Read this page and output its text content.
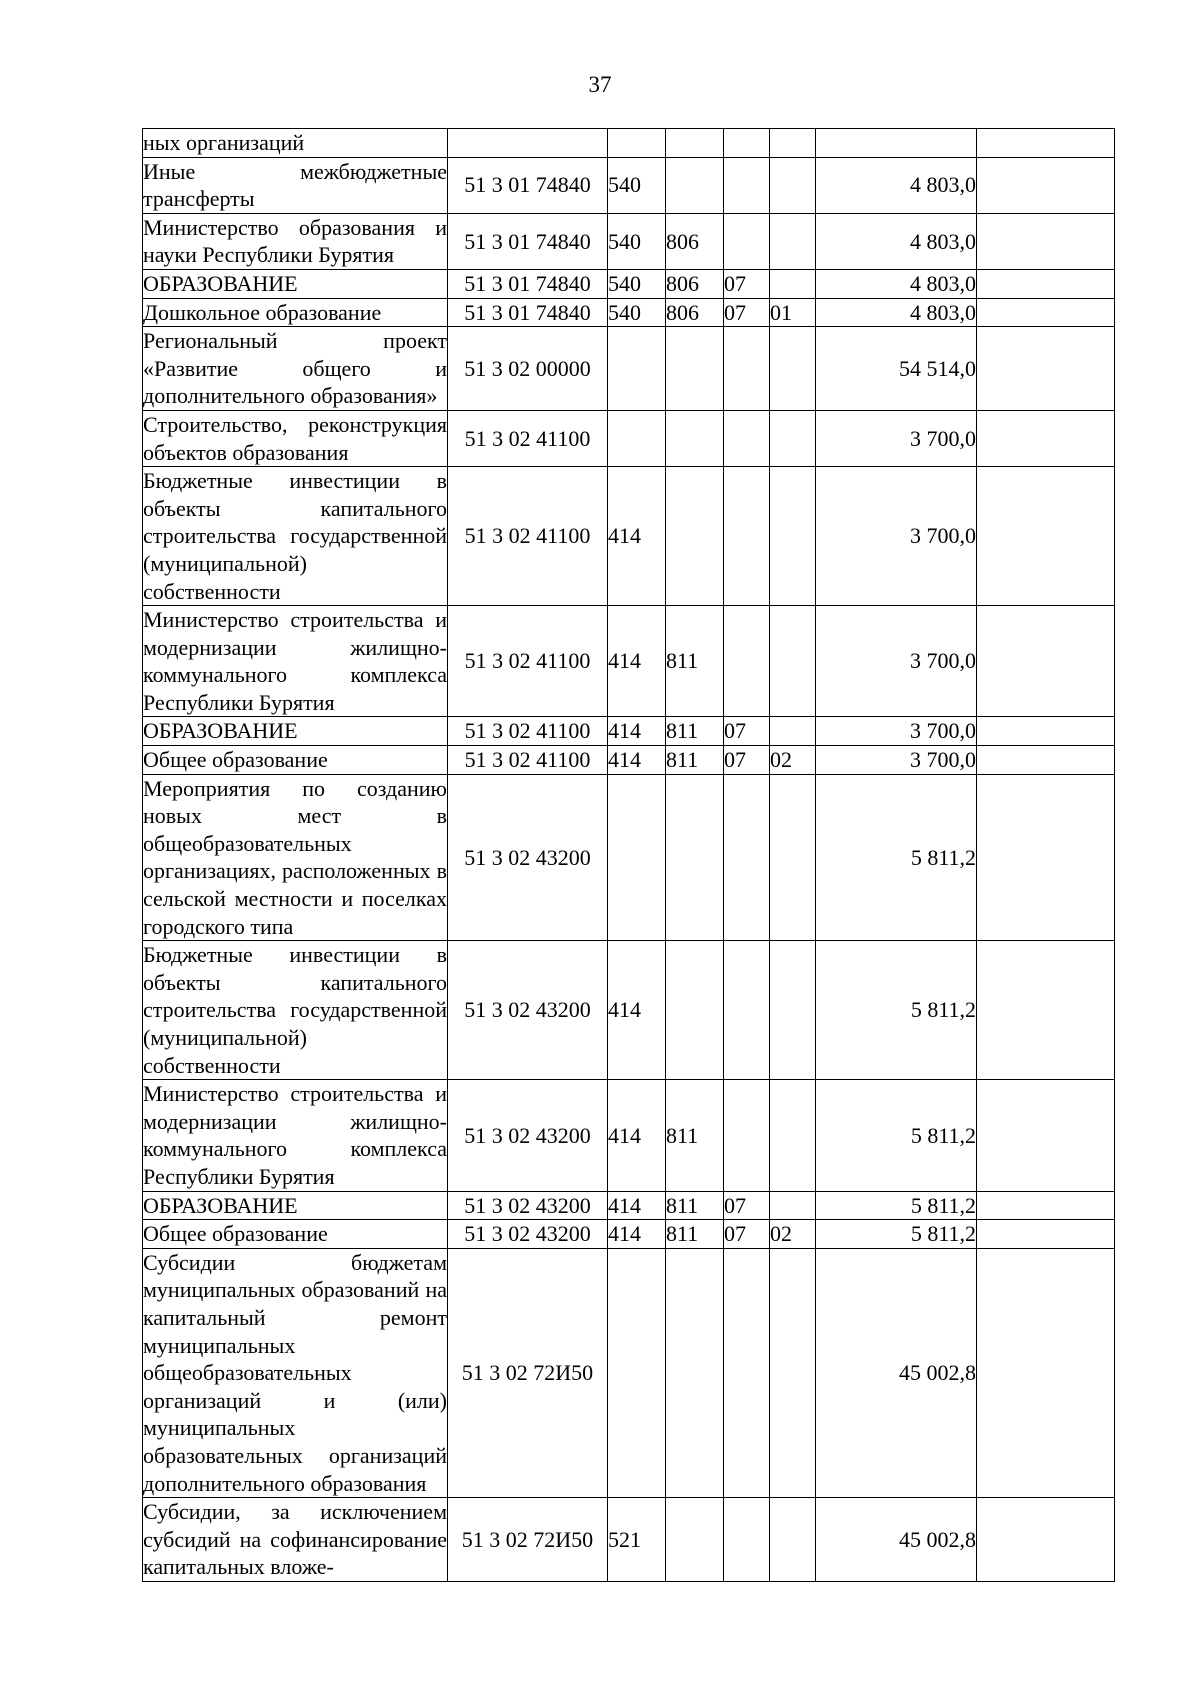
37
ных организаций							
Иные межбюджетные трансферты	51 3 01 74840	540				4 803,0	
Министерство образования и науки Республики Бурятия	51 3 01 74840	540	806			4 803,0	
ОБРАЗОВАНИЕ	51 3 01 74840	540	806	07		4 803,0	
Дошкольное образование	51 3 01 74840	540	806	07	01	4 803,0	
Региональный проект «Развитие общего и дополнительного образования»	51 3 02 00000					54 514,0	
Строительство, реконструкция объектов образования	51 3 02 41100					3 700,0	
Бюджетные инвестиции в объекты капитального строительства государственной (муниципальной) собственности	51 3 02 41100	414				3 700,0	
Министерство строительства и модернизации жилищно-коммунального комплекса Республики Бурятия	51 3 02 41100	414	811			3 700,0	
ОБРАЗОВАНИЕ	51 3 02 41100	414	811	07		3 700,0	
Общее образование	51 3 02 41100	414	811	07	02	3 700,0	
Мероприятия по созданию новых мест в общеобразовательных организациях, расположенных в сельской местности и поселках городского типа	51 3 02 43200					5 811,2	
Бюджетные инвестиции в объекты капитального строительства государственной (муниципальной) собственности	51 3 02 43200	414				5 811,2	
Министерство строительства и модернизации жилищно-коммунального комплекса Республики Бурятия	51 3 02 43200	414	811			5 811,2	
ОБРАЗОВАНИЕ	51 3 02 43200	414	811	07		5 811,2	
Общее образование	51 3 02 43200	414	811	07	02	5 811,2	
Субсидии бюджетам муниципальных образований на капитальный ремонт муниципальных общеобразовательных организаций и (или) муниципальных образовательных организаций дополнительного образования	51 3 02 72И50					45 002,8	
Субсидии, за исключением субсидий на софинансирование капитальных вложе-	51 3 02 72И50	521				45 002,8	
